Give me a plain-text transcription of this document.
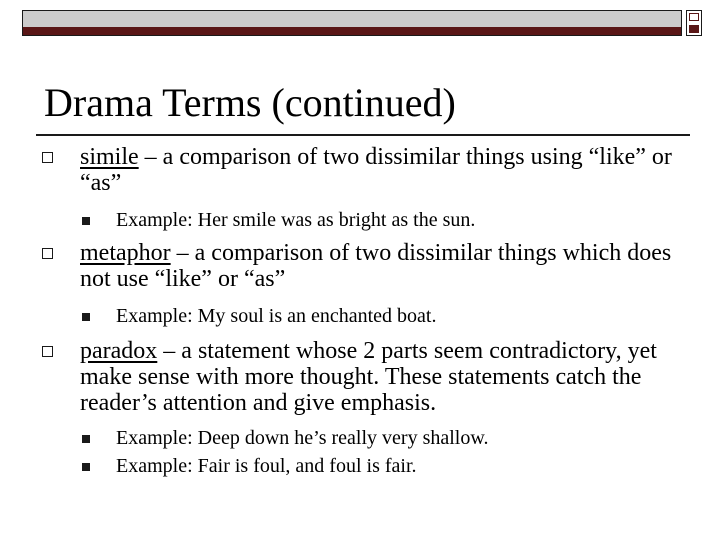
Drama Terms (continued)
simile – a comparison of two dissimilar things using “like” or “as”
Example: Her smile was as bright as the sun.
metaphor – a comparison of two dissimilar things which does not use “like” or “as”
Example: My soul is an enchanted boat.
paradox – a statement whose 2 parts seem contradictory, yet make sense with more thought. These statements catch the reader’s attention and give emphasis.
Example: Deep down he’s really very shallow.
Example: Fair is foul, and foul is fair.
